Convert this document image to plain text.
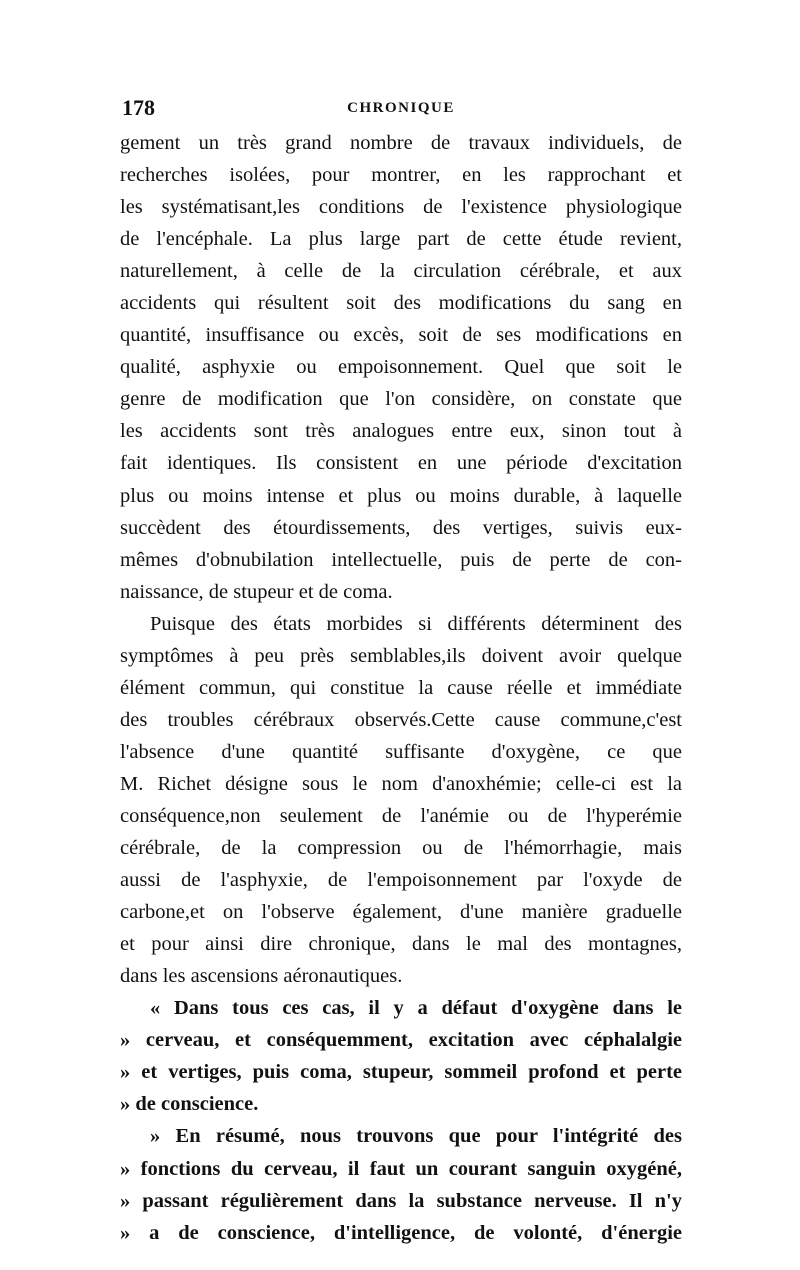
178	CHRONIQUE
gement un très grand nombre de travaux individuels, de
recherches isolées, pour montrer, en les rapprochant et
les systématisant,les conditions de l'existence physiologique
de l'encéphale. La plus large part de cette étude revient,
naturellement, à celle de la circulation cérébrale, et aux
accidents qui résultent soit des modifications du sang en
quantité, insuffisance ou excès, soit de ses modifications en
qualité, asphyxie ou empoisonnement. Quel que soit le
genre de modification que l'on considère, on constate que
les accidents sont très analogues entre eux, sinon tout à
fait identiques. Ils consistent en une période d'excitation
plus ou moins intense et plus ou moins durable, à laquelle
succèdent des étourdissements, des vertiges, suivis eux-
mêmes d'obnubilation intellectuelle, puis de perte de con-
naissance, de stupeur et de coma.
Puisque des états morbides si différents déterminent des
symptômes à peu près semblables,ils doivent avoir quelque
élément commun, qui constitue la cause réelle et immédiate
des troubles cérébraux observés.Cette cause commune,c'est
l'absence d'une quantité suffisante d'oxygène, ce que
M. Richet désigne sous le nom d'anoxhémie; celle-ci est la
conséquence,non seulement de l'anémie ou de l'hyperémie
cérébrale, de la compression ou de l'hémorrhagie, mais
aussi de l'asphyxie, de l'empoisonnement par l'oxyde de
carbone,et on l'observe également, d'une manière graduelle
et pour ainsi dire chronique, dans le mal des montagnes,
dans les ascensions aéronautiques.
« Dans tous ces cas, il y a défaut d'oxygène dans le
» cerveau, et conséquemment, excitation avec céphalalgie
» et vertiges, puis coma, stupeur, sommeil profond et perte
» de conscience.
» En résumé, nous trouvons que pour l'intégrité des
» fonctions du cerveau, il faut un courant sanguin oxygéné,
» passant régulièrement dans la substance nerveuse. Il n'y
» a de conscience, d'intelligence, de volonté, d'énergie
